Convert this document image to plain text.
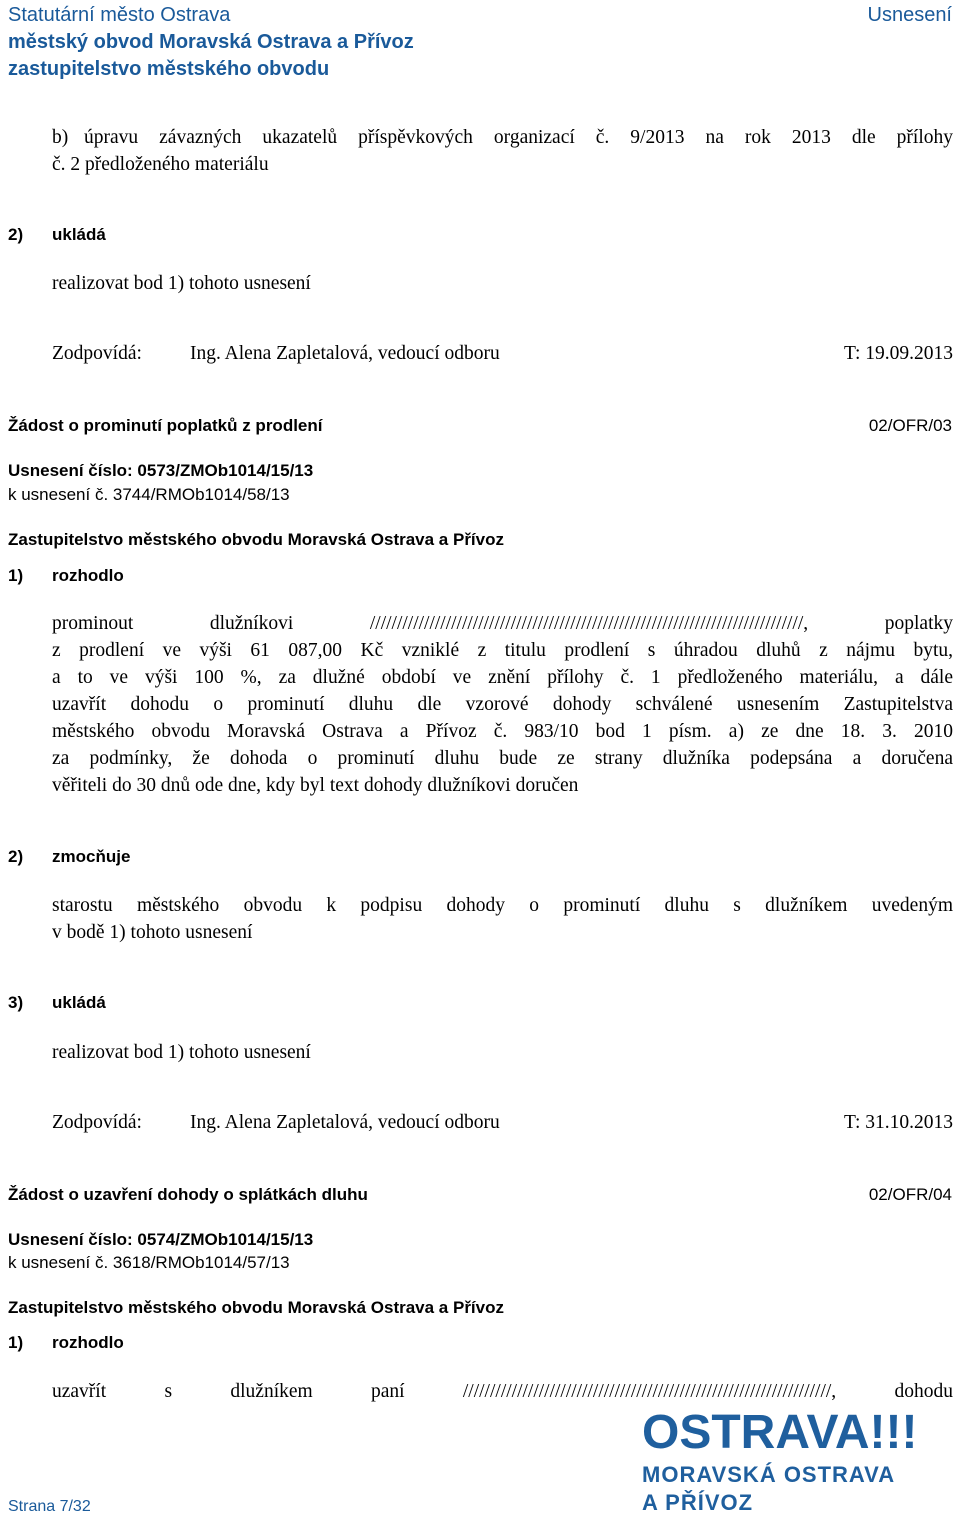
Statutární město Ostrava
městský obvod Moravská Ostrava a Přívoz
zastupitelstvo městského obvodu
Usnesení
b) úpravu závazných ukazatelů příspěvkových organizací č. 9/2013 na rok 2013 dle přílohy
č. 2 předloženého materiálu
2) ukládá
realizovat bod 1) tohoto usnesení
Zodpovídá: Ing. Alena Zapletalová, vedoucí odboru	T: 19.09.2013
Žádost o prominutí poplatků z prodlení	02/OFR/03
Usnesení číslo: 0573/ZMOb1014/15/13
k usnesení č. 3744/RMOb1014/58/13
Zastupitelstvo městského obvodu Moravská Ostrava a Přívoz
1) rozhodlo
prominout dlužníkovi ////////////////////////////////////////////////////////////////////////////////, poplatky
z prodlení ve výši 61 087,00 Kč vzniklé z titulu prodlení s úhradou dluhů z nájmu bytu,
a to ve výši 100 %, za dlužné období ve znění přílohy č. 1 předloženého materiálu, a dále
uzavřít dohodu o prominutí dluhu dle vzorové dohody schválené usnesením Zastupitelstva
městského obvodu Moravská Ostrava a Přívoz č. 983/10 bod 1 písm. a) ze dne 18. 3. 2010
za podmínky, že dohoda o prominutí dluhu bude ze strany dlužníka podepsána a doručena
věřiteli do 30 dnů ode dne, kdy byl text dohody dlužníkovi doručen
2) zmocňuje
starostu městského obvodu k podpisu dohody o prominutí dluhu s dlužníkem uvedeným
v bodě 1) tohoto usnesení
3) ukládá
realizovat bod 1) tohoto usnesení
Zodpovídá: Ing. Alena Zapletalová, vedoucí odboru	T: 31.10.2013
Žádost o uzavření dohody o splátkách dluhu	02/OFR/04
Usnesení číslo: 0574/ZMOb1014/15/13
k usnesení č. 3618/RMOb1014/57/13
Zastupitelstvo městského obvodu Moravská Ostrava a Přívoz
1) rozhodlo
uzavřít s dlužníkem paní ////////////////////////////////////////////////////////////////////, dohodu
OSTRAVA!!!
MORAVSKÁ OSTRAVA
A PŘÍVOZ
Strana 7/32
